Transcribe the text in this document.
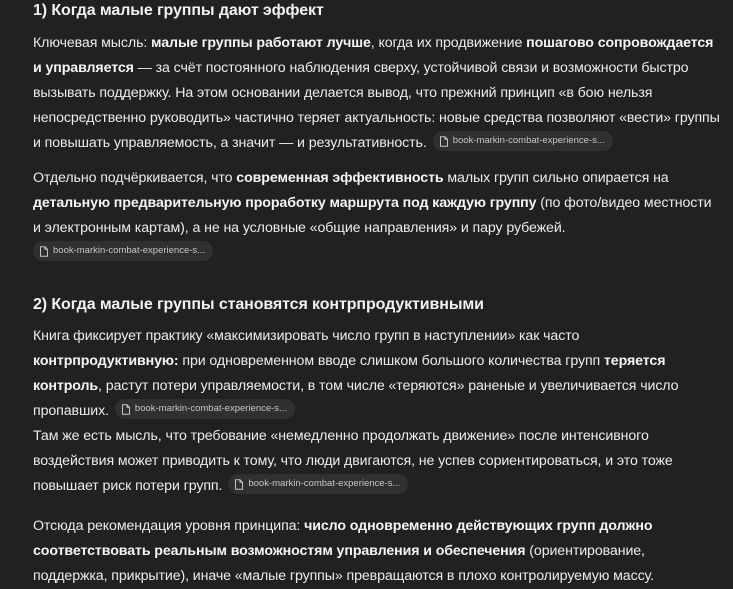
1) Когда малые группы дают эффект

Ключевая мысль: малые группы работают лучше, когда их продвижение пошагово сопровождается и управляется — за счёт постоянного наблюдения сверху, устойчивой связи и возможности быстро вызывать поддержку. На этом основании делается вывод, что прежний принцип «в бою нельзя непосредственно руководить» частично теряет актуальность: новые средства позволяют «вести» группы и повышать управляемость, а значит — и результативность.	book-markin-combat-experience-s...

Отдельно подчёркивается, что современная эффективность малых групп сильно опирается на детальную предварительную проработку маршрута под каждую группу (по фото/видео местности и электронным картам), а не на условные «общие направления» и пару рубежей.

book-markin-combat-experience-s...
2) Когда малые группы становятся контрпродуктивными

Книга фиксирует практику «максимизировать число групп в наступлении» как часто контрпродуктивную: при одновременном вводе слишком большого количества групп теряется контроль, растут потери управляемости, в том числе «теряются» раненые и увеличивается число пропавших.	book-markin-combat-experience-s...

Там же есть мысль, что требование «немедленно продолжать движение» после интенсивного воздействия может приводить к тому, что люди двигаются, не успев сориентироваться, и это тоже повышает риск потери групп.	book-markin-combat-experience-s...

Отсюда рекомендация уровня принципа: число одновременно действующих групп должно соответствовать реальным возможностям управления и обеспечения (ориентирование, поддержка, прикрытие), иначе «малые группы» превращаются в плохо контролируемую массу.
